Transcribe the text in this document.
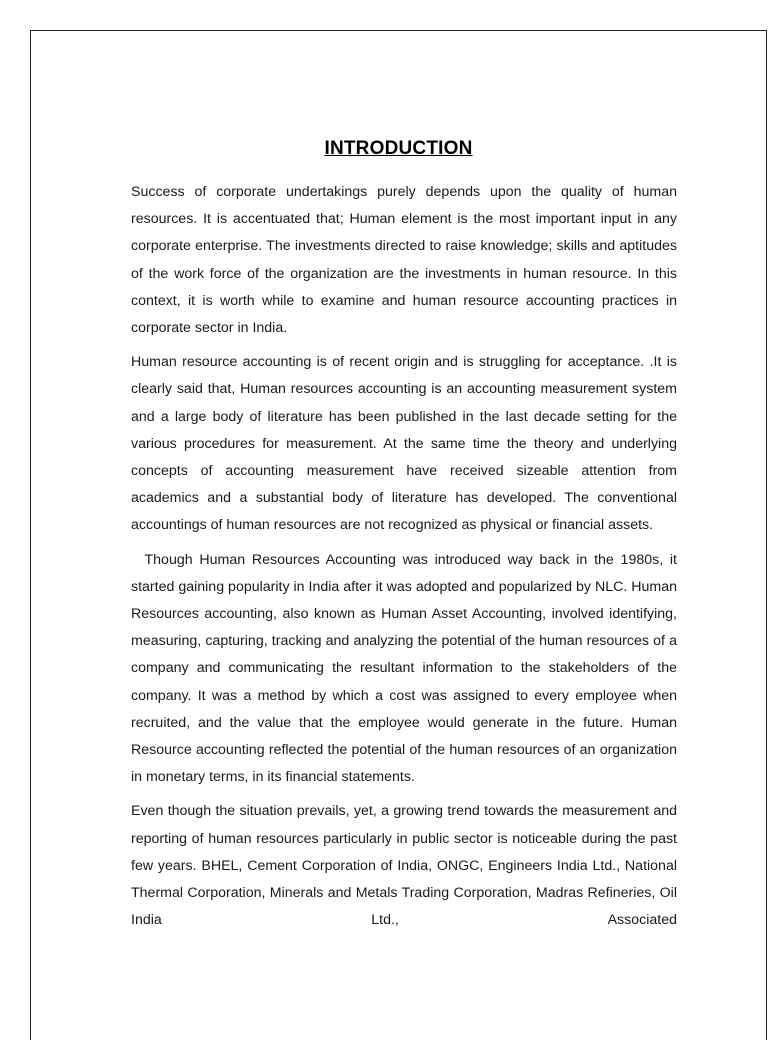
INTRODUCTION

Success of corporate undertakings purely depends upon the quality of human resources. It is accentuated that; Human element is the most important input in any corporate enterprise. The investments directed to raise knowledge; skills and aptitudes of the work force of the organization are the investments in human resource. In this context, it is worth while to examine and human resource accounting practices in corporate sector in India.

Human resource accounting is of recent origin and is struggling for acceptance. .It is clearly said that, Human resources accounting is an accounting measurement system and a large body of literature has been published in the last decade setting for the various procedures for measurement. At the same time the theory and underlying concepts of accounting measurement have received sizeable attention from academics and a substantial body of literature has developed. The conventional accountings of human resources are not recognized as physical or financial assets.

Though Human Resources Accounting was introduced way back in the 1980s, it started gaining popularity in India after it was adopted and popularized by NLC. Human Resources accounting, also known as Human Asset Accounting, involved identifying, measuring, capturing, tracking and analyzing the potential of the human resources of a company and communicating the resultant information to the stakeholders of the company. It was a method by which a cost was assigned to every employee when recruited, and the value that the employee would generate in the future. Human Resource accounting reflected the potential of the human resources of an organization in monetary terms, in its financial statements.

Even though the situation prevails, yet, a growing trend towards the measurement and reporting of human resources particularly in public sector is noticeable during the past few years. BHEL, Cement Corporation of India, ONGC, Engineers India Ltd., National Thermal Corporation, Minerals and Metals Trading Corporation, Madras Refineries, Oil India Ltd., Associated
